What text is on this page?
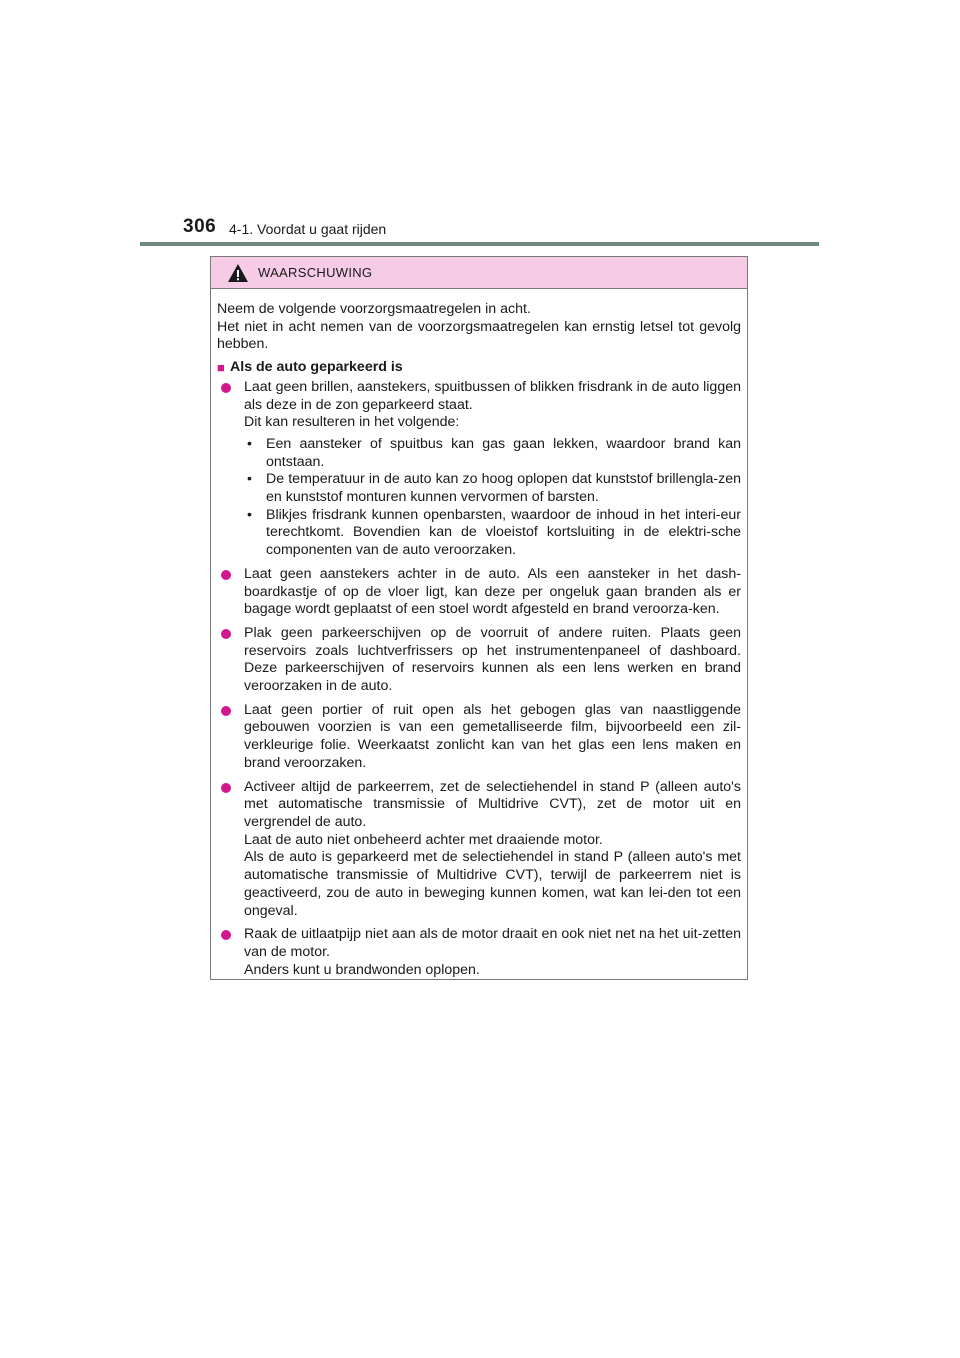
306 4-1. Voordat u gaat rijden
WAARSCHUWING

Neem de volgende voorzorgsmaatregelen in acht.

Het niet in acht nemen van de voorzorgsmaatregelen kan ernstig letsel tot gevolg hebben.

■ Als de auto geparkeerd is

Laat geen brillen, aanstekers, spuitbussen of blikken frisdrank in de auto liggen als deze in de zon geparkeerd staat.

Dit kan resulteren in het volgende:

• Een aansteker of spuitbus kan gas gaan lekken, waardoor brand kan ontstaan.
• De temperatuur in de auto kan zo hoog oplopen dat kunststof brillengla-zen en kunststof monturen kunnen vervormen of barsten.
• Blikjes frisdrank kunnen openbarsten, waardoor de inhoud in het interi-eur terechtkomt. Bovendien kan de vloeistof kortsluiting in de elektri-sche componenten van de auto veroorzaken.

Laat geen aanstekers achter in de auto. Als een aansteker in het dash-boardkastje of op de vloer ligt, kan deze per ongeluk gaan branden als er bagage wordt geplaatst of een stoel wordt afgesteld en brand veroorza-ken.

Plak geen parkeerschijven op de voorruit of andere ruiten. Plaats geen reservoirs zoals luchtverfrissers op het instrumentenpaneel of dashboard. Deze parkeerschijven of reservoirs kunnen als een lens werken en brand veroorzaken in de auto.

Laat geen portier of ruit open als het gebogen glas van naastliggende gebouwen voorzien is van een gemetalliseerde film, bijvoorbeeld een zil-verkleurige folie. Weerkaatst zonlicht kan van het glas een lens maken en brand veroorzaken.

Activeer altijd de parkeerrem, zet de selectiehendel in stand P (alleen auto's met automatische transmissie of Multidrive CVT), zet de motor uit en vergrendel de auto.

Laat de auto niet onbeheerd achter met draaiende motor.

Als de auto is geparkeerd met de selectiehendel in stand P (alleen auto's met automatische transmissie of Multidrive CVT), terwijl de parkeerrem niet is geactiveerd, zou de auto in beweging kunnen komen, wat kan lei-den tot een ongeval.

Raak de uitlaatpijp niet aan als de motor draait en ook niet net na het uit-zetten van de motor.

Anders kunt u brandwonden oplopen.
